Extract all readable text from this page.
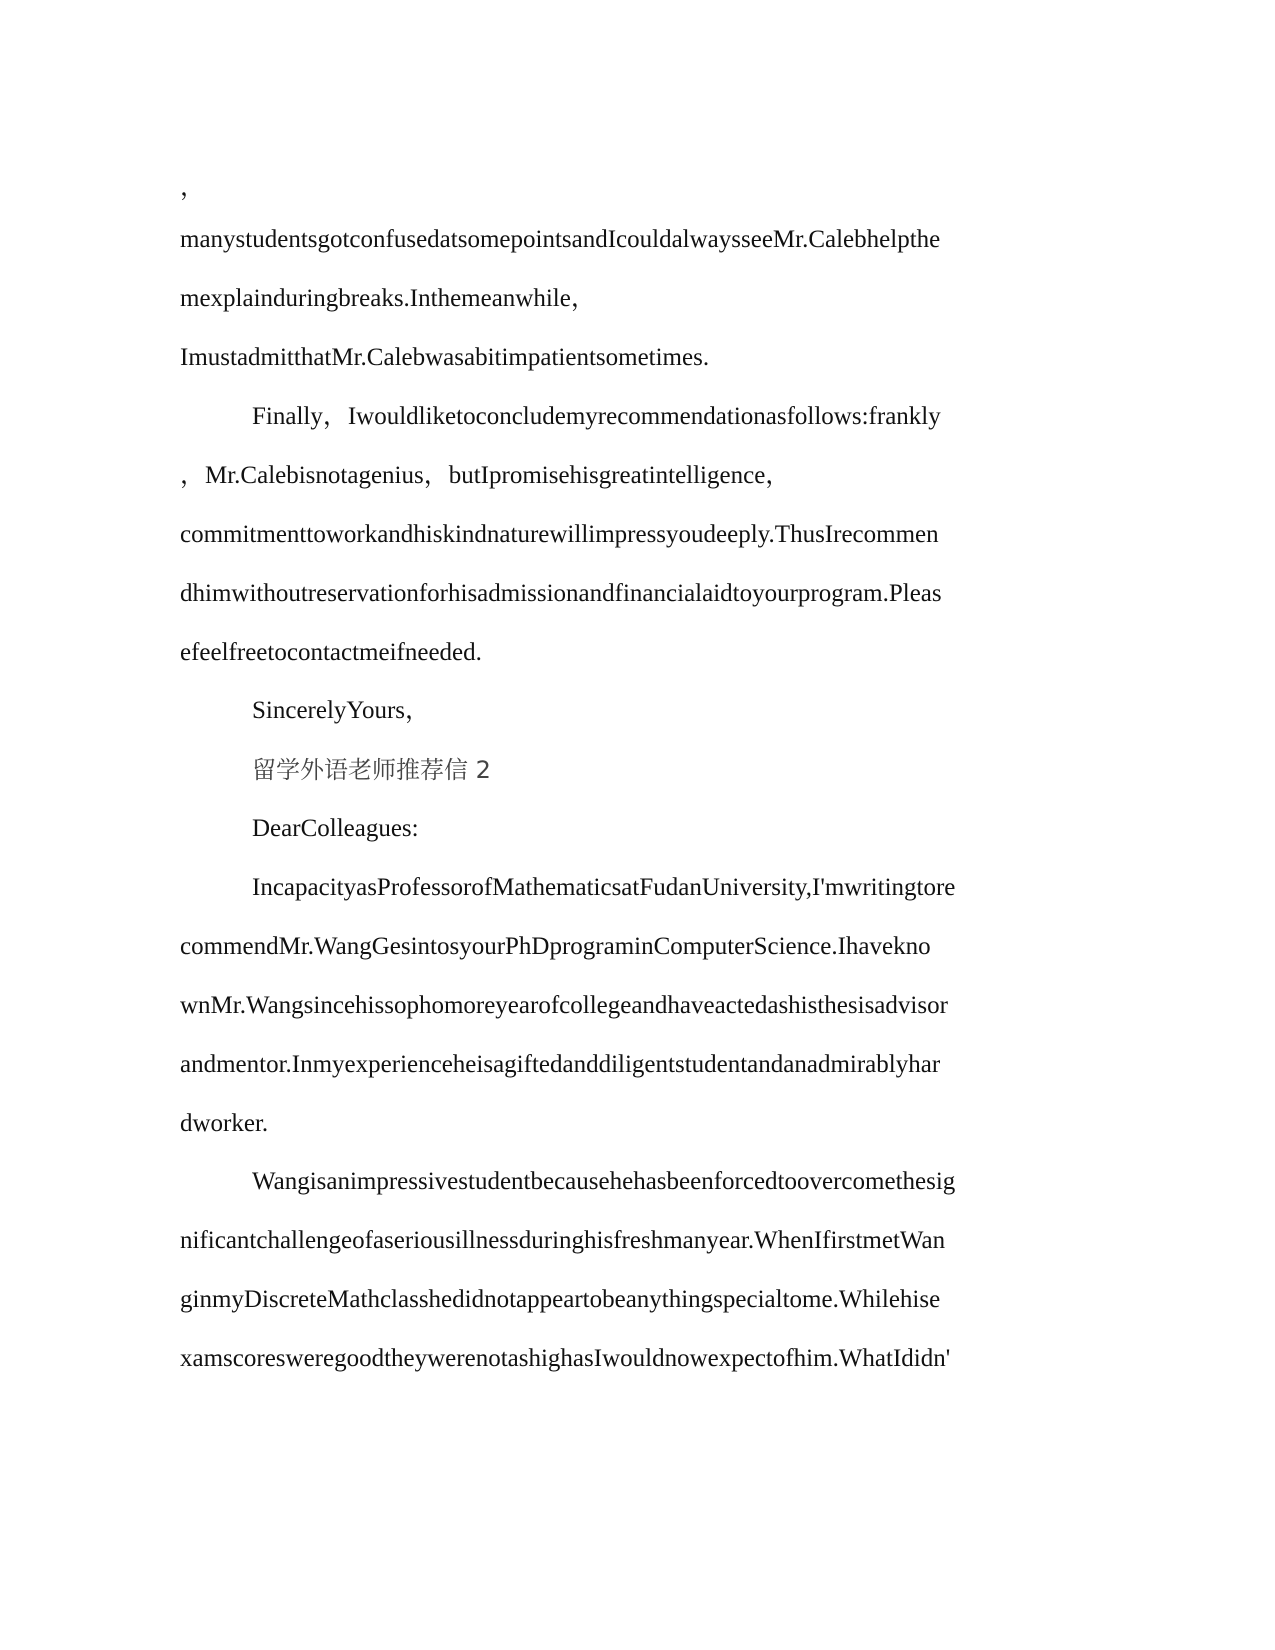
，
manystudentsgotconfusedatsomepointsandIcouldalwaysseeMr.Calebhelpthe
mexplainduringbreaks.Inthemeanwhile，
ImustadmitthatMr.Calebwasabitimpatientsometimes.
Finally，Iwouldliketoconcludemyrecommendationasfollows:frankly
，Mr.Calebisnotagenius，butIpromisehisgreatintelligence，
commitmenttoworkandhiskindnaturewillimpressyoudeeply.ThusIrecommen
dhimwithoutreservationforhisadmissionandfinancialaidtoyourprogram.Pleas
efeelfreetocontactmeifneeded.
SincerelyYours，
留学外语老师推荐信 2
DearColleagues:
IncapacityasProfessorofMathematicsatFudanUniversity,I'mwritingtore
commendMr.WangGesintosyourPhDprograminComputerScience.Ihavekno
wnMr.Wangsincehissophomoreyearofcollegeandhaveactedashisthesisadvisor
andmentor.Inmyexperienceheisagiftedanddiligentstudentandanadmirablyhar
dworker.
Wangisanimpressivestudentbecausehehasbeenforcedtoovercomethesig
nificantchallengeofaseriousillnessduringhisfreshmanyear.WhenIfirstmetWan
ginmyDiscreteMathclasshedidnotappeartobeanythingspecialtome.Whilehise
xamscoresweregoodtheywerenotashighasIwouldnowexpectofhim.WhatIdidn'
